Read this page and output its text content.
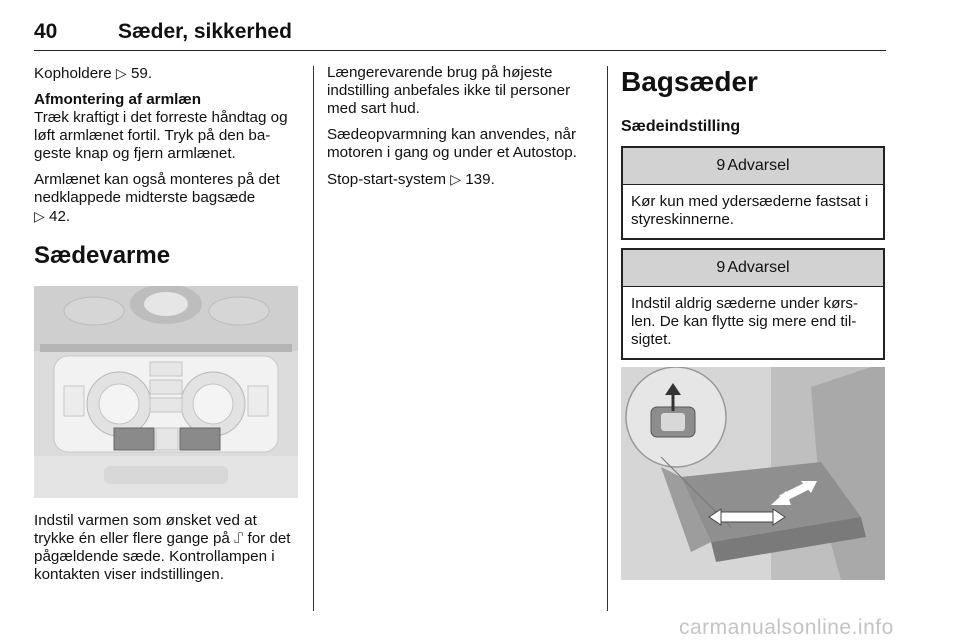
40	Sæder, sikkerhed

Kopholdere ▷ 59.

Afmontering af armlæn

Træk kraftigt i det forreste håndtag og løft armlænet fortil. Tryk på den bageste knap og fjern armlænet.

Armlænet kan også monteres på det nedklappede midterste bagsæde
▷ 42.

Sædevarme

Indstil varmen som ønsket ved at trykke én eller flere gange på ⑀ for det pågældende sæde. Kontrollampen i kontakten viser indstillingen.

Længerevarende brug på højeste indstilling anbefales ikke til personer med sart hud.

Sædeopvarmning kan anvendes, når motoren i gang og under et Autostop.

Stop-start-system ▷ 139.

Bagsæder
Sædeindstilling
9 Advarsel
Kør kun med ydersæderne fastsat i styreskinnerne.
9 Advarsel
Indstil aldrig sæderne under kørslen. De kan flytte sig mere end tilsigtet.
carmanualsonline.info
